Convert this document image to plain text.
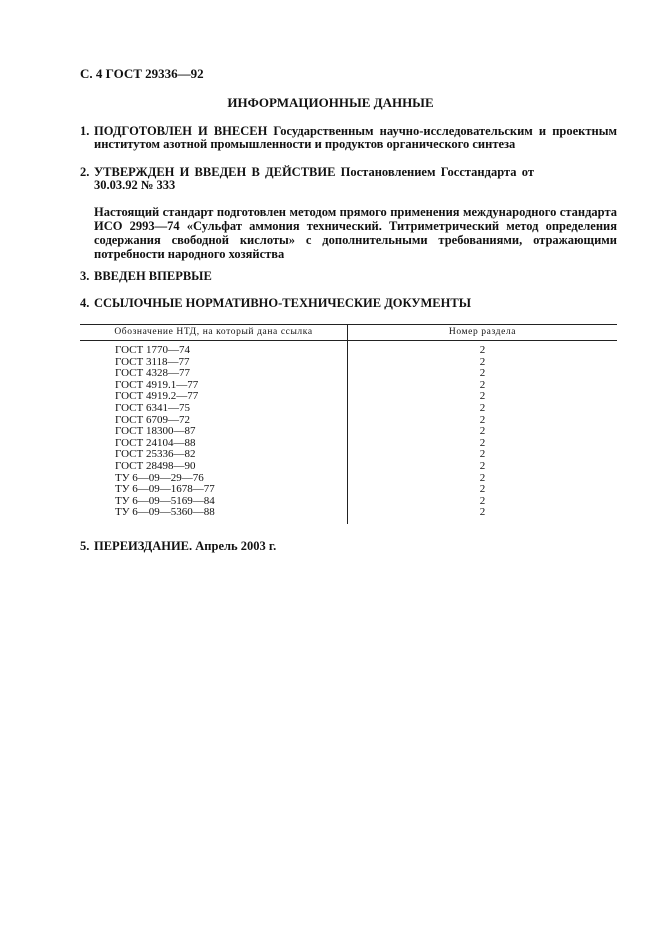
С. 4 ГОСТ 29336—92
ИНФОРМАЦИОННЫЕ ДАННЫЕ
1. ПОДГОТОВЛЕН И ВНЕСЕН Государственным научно-исследовательским и проектным институтом азотной промышленности и продуктов органического синтеза
2. УТВЕРЖДЕН И ВВЕДЕН В ДЕЙСТВИЕ Постановлением Госстандарта от 30.03.92 № 333
Настоящий стандарт подготовлен методом прямого применения международного стандарта ИСО 2993—74 «Сульфат аммония технический. Титриметрический метод определения содержания свободной кислоты» с дополнительными требованиями, отражающими потребности народного хозяйства
3. ВВЕДЕН ВПЕРВЫЕ
4. ССЫЛОЧНЫЕ НОРМАТИВНО-ТЕХНИЧЕСКИЕ ДОКУМЕНТЫ
Обозначение НТД, на который дана ссылка	Номер раздела
ГОСТ 1770—74	2
ГОСТ 3118—77	2
ГОСТ 4328—77	2
ГОСТ 4919.1—77	2
ГОСТ 4919.2—77	2
ГОСТ 6341—75	2
ГОСТ 6709—72	2
ГОСТ 18300—87	2
ГОСТ 24104—88	2
ГОСТ 25336—82	2
ГОСТ 28498—90	2
ТУ 6—09—29—76	2
ТУ 6—09—1678—77	2
ТУ 6—09—5169—84	2
ТУ 6—09—5360—88	2
5. ПЕРЕИЗДАНИЕ. Апрель 2003 г.
